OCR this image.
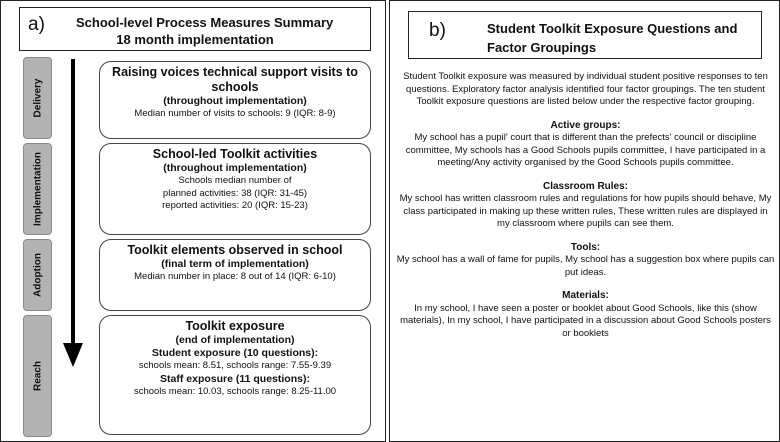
a) School-level Process Measures Summary
18 month implementation
Delivery
Implementation
Adoption
Reach
Raising voices technical support visits to
schools
(throughout implementation)
Median number of visits to schools: 9 (IQR: 8-9)
School-led Toolkit activities
(throughout implementation)
Schools median number of
planned activities: 38 (IQR: 31-45)
reported activities: 20 (IQR: 15-23)
Toolkit elements observed in school
(final term of implementation)
Median number in place: 8 out of 14 (IQR: 6-10)
Toolkit exposure
(end of implementation)
Student exposure (10 questions):
schools mean: 8.51, schools range: 7.55-9.39
Staff exposure (11 questions):
schools mean: 10.03, schools range: 8.25-11.00
b)	Student Toolkit Exposure Questions and
Factor Groupings
Student Toolkit exposure was measured by individual student positive responses to ten questions. Exploratory factor analysis identified four factor groupings. The ten student Toolkit exposure questions are listed below under the respective factor grouping.
Active groups:
My school has a pupil' court that is different than the prefects' council or discipline committee, My schools has a Good Schools pupils committee, I have participated in a meeting/Any activity organised by the Good Schools pupils committee.
Classroom Rules:
My school has written classroom rules and regulations for how pupils should behave, My class participated in making up these written rules, These written rules are displayed in my classroom where pupils can see them.
Tools:
My school has a wall of fame for pupils, My school has a suggestion box where pupils can put ideas.
Materials:
In my school, I have seen a poster or booklet about Good Schools, like this (show materials), In my school, I have participated in a discussion about Good Schools posters or booklets
